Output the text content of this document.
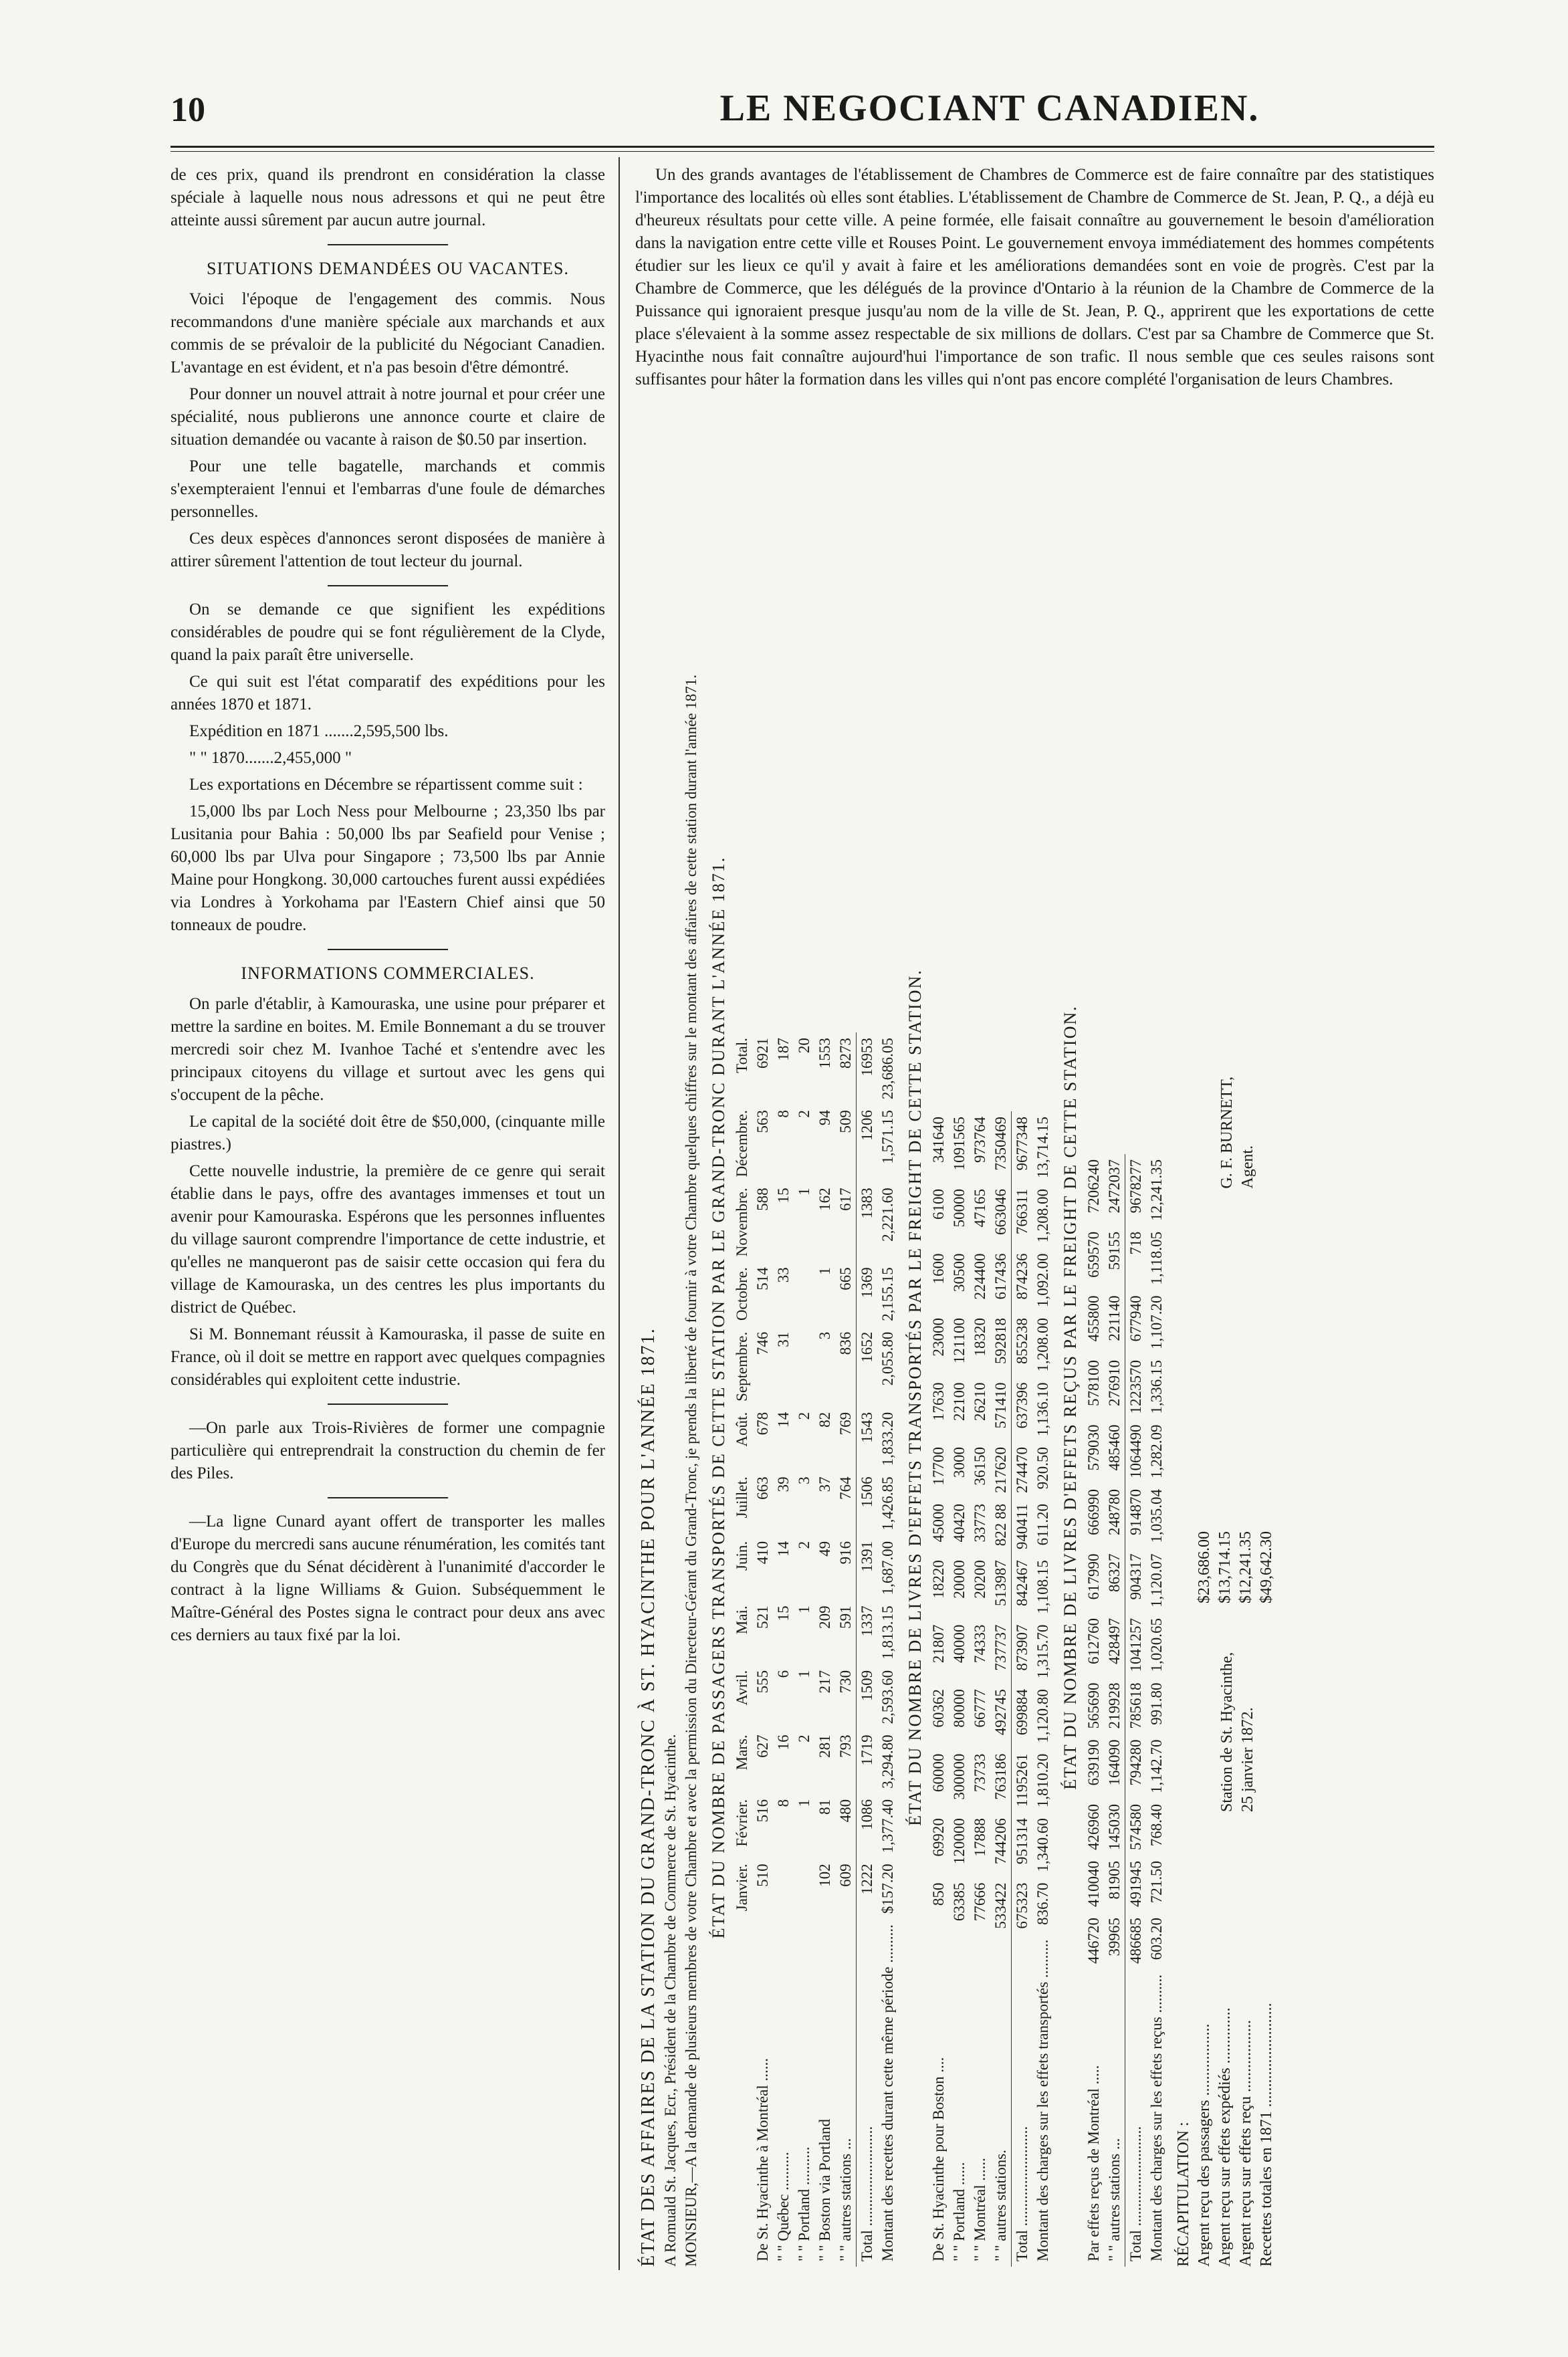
10	LE NEGOCIANT CANADIEN.

de ces prix, quand ils prendront en considération la classe spéciale à laquelle nous nous adressons et qui ne peut être atteinte aussi sûrement par aucun autre journal.

SITUATIONS DEMANDÉES OU VACANTES.

Voici l'époque de l'engagement des commis. Nous recommandons d'une manière spéciale aux marchands et aux commis de se prévaloir de la publicité du Négociant Canadien. L'avantage en est évident, et n'a pas besoin d'être démontré.

Pour donner un nouvel attrait à notre journal et pour créer une spécialité, nous publierons une annonce courte et claire de situation demandée ou vacante à raison de $0.50 par insertion.

Pour une telle bagatelle, marchands et commis s'exempteraient l'ennui et l'embarras d'une foule de démarches personnelles.

Ces deux espèces d'annonces seront disposées de manière à attirer sûrement l'attention de tout lecteur du journal.

On se demande ce que signifient les expéditions considérables de poudre qui se font régulièrement de la Clyde, quand la paix paraît être universelle.

Ce qui suit est l'état comparatif des expéditions pour les années 1870 et 1871.

Expédition en 1871 .......2,595,500 lbs.

" " 1870.......2,455,000 "

Les exportations en Décembre se répartissent comme suit :

15,000 lbs par Loch Ness pour Melbourne ; 23,350 lbs par Lusitania pour Bahia : 50,000 lbs par Seafield pour Venise ; 60,000 lbs par Ulva pour Singapore ; 73,500 lbs par Annie Maine pour Hongkong. 30,000 cartouches furent aussi expédiées via Londres à Yorkohama par l'Eastern Chief ainsi que 50 tonneaux de poudre.

INFORMATIONS COMMERCIALES.

On parle d'établir, à Kamouraska, une usine pour préparer et mettre la sardine en boites. M. Emile Bonnemant a du se trouver mercredi soir chez M. Ivanhoe Taché et s'entendre avec les principaux citoyens du village et surtout avec les gens qui s'occupent de la pêche.

Le capital de la société doit être de $50,000, (cinquante mille piastres.)

Cette nouvelle industrie, la première de ce genre qui serait établie dans le pays, offre des avantages immenses et tout un avenir pour Kamouraska. Espérons que les personnes influentes du village sauront comprendre l'importance de cette industrie, et qu'elles ne manqueront pas de saisir cette occasion qui fera du village de Kamouraska, un des centres les plus importants du district de Québec.

Si M. Bonnemant réussit à Kamouraska, il passe de suite en France, où il doit se mettre en rapport avec quelques compagnies considérables qui exploitent cette industrie.

—On parle aux Trois-Rivières de former une compagnie particulière qui entreprendrait la construction du chemin de fer des Piles.

—La ligne Cunard ayant offert de transporter les malles d'Europe du mercredi sans aucune rénumération, les comités tant du Congrès que du Sénat décidèrent à l'unanimité d'accorder le contract à la ligne Williams & Guion. Subséquemment le Maître-Général des Postes signa le contract pour deux ans avec ces derniers au taux fixé par la loi.

Un des grands avantages de l'établissement de Chambres de Commerce est de faire connaître par des statistiques l'importance des localités où elles sont établies. L'établissement de Chambre de Commerce de St. Jean, P. Q., a déjà eu d'heureux résultats pour cette ville. A peine formée, elle faisait connaître au gouvernement le besoin d'amélioration dans la navigation entre cette ville et Rouses Point. Le gouvernement envoya immédiatement des hommes compétents étudier sur les lieux ce qu'il y avait à faire et les améliorations demandées sont en voie de progrès. C'est par la Chambre de Commerce, que les délégués de la province d'Ontario à la réunion de la Chambre de Commerce de la Puissance qui ignoraient presque jusqu'au nom de la ville de St. Jean, P. Q., apprirent que les exportations de cette place s'élevaient à la somme assez respectable de six millions de dollars. C'est par sa Chambre de Commerce que St. Hyacinthe nous fait connaître aujourd'hui l'importance de son trafic. Il nous semble que ces seules raisons sont suffisantes pour hâter la formation dans les villes qui n'ont pas encore complété l'organisation de leurs Chambres.

ÉTAT DES AFFAIRES DE LA STATION DU GRAND-TRONC À ST. HYACINTHE POUR L'ANNÉE 1871. A Romuald St. Jacques, Ecr., Président de la Chambre de Commerce de St. Hyacinthe. MONSIEUR,—A la demande de plusieurs membres de votre Chambre et avec la permission du Directeur-Gérant du Grand-Tronc, je prends la liberté de fournir à votre Chambre quelques chiffres sur le montant des affaires de cette station durant l'année 1871. ÉTAT DU NOMBRE DE PASSAGERS TRANSPORTÉS DE CETTE STATION PAR LE GRAND-TRONC DURANT L'ANNÉE 1871.
	Janvier.	Février.	Mars.	Avril.	Mai.	Juin.	Juillet.	Août.	Septembre.	Octobre.	Novembre.	Décembre.	Total.
De St. Hyacinthe à Montréal ......	510	516	627	555	521	410	663	678	746	514	588	563	6921
" " Québec ..........		8	16	6	15	14	39	14	31	33	15	8	187
" " Portland ..........		1	2	1	1	2	3	2			1	2	20
" " Boston via Portland	102	81	281	217	209	49	37	82	3	1	162	94	1553
" " autres stations ...	609	480	793	730	591	916	764	769	836	665	617	509	8273
Total ..........................	1222	1086	1719	1509	1337	1391	1506	1543	1652	1369	1383	1206	16953
Montant des recettes durant cette même période ..........	$157.20	1,377.40	3,294.80	2,593.60	1,813.15	1,687.00	1,426.85	1,833.20	2,055.80	2,155.15	2,221.60	1,571.15	23,686.05 ÉTAT DU NOMBRE DE LIVRES D'EFFETS TRANSPORTÉS PAR LE FREIGHT DE CETTE STATION.
De St. Hyacinthe pour Boston ....	850	69920	60000	60362	21807	18220	45000	17700	17630	23000	1600	6100	341640
" " Portland ......	63385	120000	300000	80000	40000	20000	40420	3000	22100	121100	30500	50000	1091565
" " Montréal ......	77666	17888	73733	66777	74333	20200	33773	36150	26210	18320	224400	47165	973764
" " autres stations.	533422	744206	763186	492745	737737	513987	822 88	217620	571410	592818	617436	663046	7350469
Total ..........................	675323	951314	1195261	699884	873907	842467	940411	274470	637396	855238	874236	766311	9677348
Montant des charges sur les effets transportés ..........	836.70	1,340.60	1,810.20	1,120.80	1,315.70	1,108.15	611.20	920.50	1,136.10	1,208.00	1,092.00	1,208.00	13,714.15 ÉTAT DU NOMBRE DE LIVRES D'EFFETS REÇUS PAR LE FREIGHT DE CETTE STATION.
Par effets reçus de Montréal .....	446720	410040	426960	639190	565690	612760	617990	666990	579030	578100	455800	659570	7206240
" " autres stations ...	39965	81905	145030	164090	219928	428497	86327	248780	485460	276910	221140	59155	2472037
Total ..........................	486685	491945	574580	794280	785618	1041257	904317	914870	1064490	1223570	677940	718	9678277
Montant des charges sur les effets reçus ..........	603.20	721.50	768.40	1,142.70	991.80	1,020.65	1,120.07	1,035.04	1,282.09	1,336.15	1,107.20	1,118.05	12,241.35
RÉCAPITULATION : Argent reçu des passagers ..................
$23,686.00
Argent reçu sur effets expédiés ..............
$13,714.15
Argent reçu sur effets reçu ..................
$12,241.35
Recettes totales en 1871 ..........................
$49,642.30
Station de St. Hyacinthe, 25 janvier 1872.
G. F. BURNETT, Agent.
